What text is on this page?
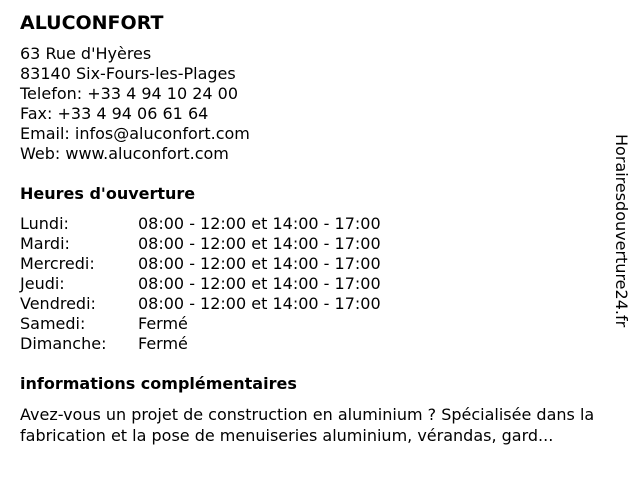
ALUCONFORT
63 Rue d'Hyères
83140 Six-Fours-les-Plages
Telefon: +33 4 94 10 24 00
Fax: +33 4 94 06 61 64
Email: infos@aluconfort.com
Web: www.aluconfort.com
Heures d'ouverture
Lundi:	08:00 - 12:00 et 14:00 - 17:00
Mardi:	08:00 - 12:00 et 14:00 - 17:00
Mercredi:	08:00 - 12:00 et 14:00 - 17:00
Jeudi:	08:00 - 12:00 et 14:00 - 17:00
Vendredi:	08:00 - 12:00 et 14:00 - 17:00
Samedi:	Fermé
Dimanche:	Fermé
informations complémentaires

Avez-vous un projet de construction en aluminium ? Spécialisée dans la fabrication et la pose de menuiseries aluminium, vérandas, gard...

Horairesdouverture24.fr
